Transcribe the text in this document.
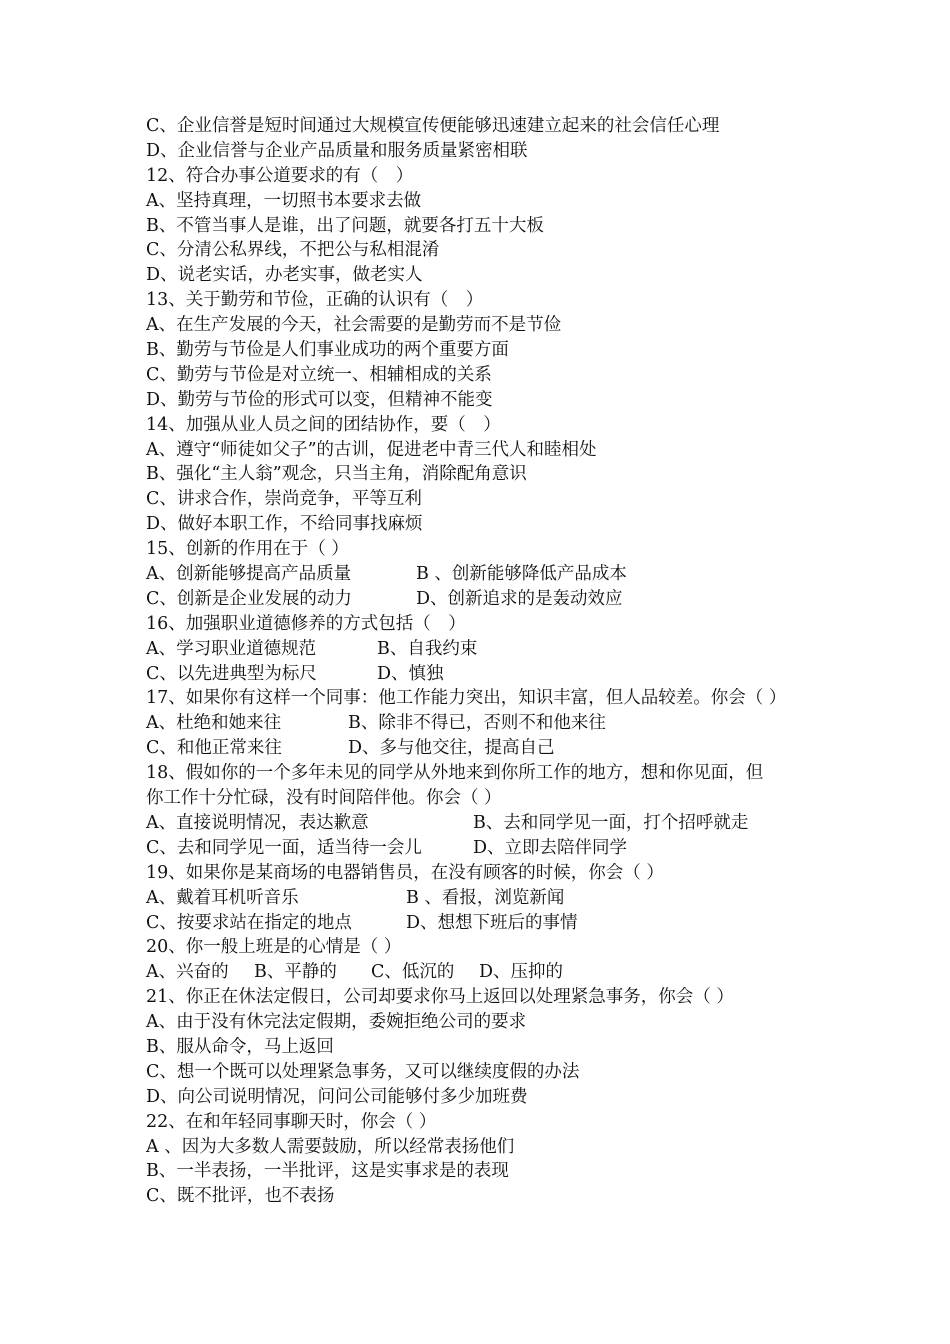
C、企业信誉是短时间通过大规模宣传便能够迅速建立起来的社会信任心理
D、企业信誉与企业产品质量和服务质量紧密相联
12、符合办事公道要求的有（　）
A、坚持真理，一切照书本要求去做
B、不管当事人是谁，出了问题，就要各打五十大板
C、分清公私界线，不把公与私相混淆
D、说老实话，办老实事，做老实人
13、关于勤劳和节俭，正确的认识有（　）
A、在生产发展的今天，社会需要的是勤劳而不是节俭
B、勤劳与节俭是人们事业成功的两个重要方面
C、勤劳与节俭是对立统一、相辅相成的关系
D、勤劳与节俭的形式可以变，但精神不能变
14、加强从业人员之间的团结协作，要（　）
A、遵守“师徒如父子”的古训，促进老中青三代人和睦相处
B、强化“主人翁”观念，只当主角，消除配角意识
C、讲求合作，崇尚竞争，平等互利
D、做好本职工作，不给同事找麻烦
15、创新的作用在于（ ）
A、创新能够提高产品质量	B 、创新能够降低产品成本
C、创新是企业发展的动力	D、创新追求的是轰动效应
16、加强职业道德修养的方式包括（　）
A、学习职业道德规范	B、自我约束
C、以先进典型为标尺	D、慎独
17、如果你有这样一个同事：他工作能力突出，知识丰富，但人品较差。你会（ ）
A、杜绝和她来往	B、除非不得已，否则不和他来往
C、和他正常来往	D、多与他交往，提高自己
18、假如你的一个多年未见的同学从外地来到你所工作的地方，想和你见面，但
你工作十分忙碌，没有时间陪伴他。你会（ ）
A、直接说明情况，表达歉意	B、去和同学见一面，打个招呼就走
C、去和同学见一面，适当待一会儿	D、立即去陪伴同学
19、如果你是某商场的电器销售员，在没有顾客的时候，你会（ ）
A、戴着耳机听音乐	B 、看报，浏览新闻
C、按要求站在指定的地点	D、想想下班后的事情
20、你一般上班是的心情是（ ）
A、兴奋的	B、平静的	C、低沉的	D、压抑的
21、你正在休法定假日，公司却要求你马上返回以处理紧急事务，你会（ ）
A、由于没有休完法定假期，委婉拒绝公司的要求
B、服从命令，马上返回
C、想一个既可以处理紧急事务，又可以继续度假的办法
D、向公司说明情况，问问公司能够付多少加班费
22、在和年轻同事聊天时，你会（ ）
A 、因为大多数人需要鼓励，所以经常表扬他们
B、一半表扬，一半批评，这是实事求是的表现
C、既不批评，也不表扬
